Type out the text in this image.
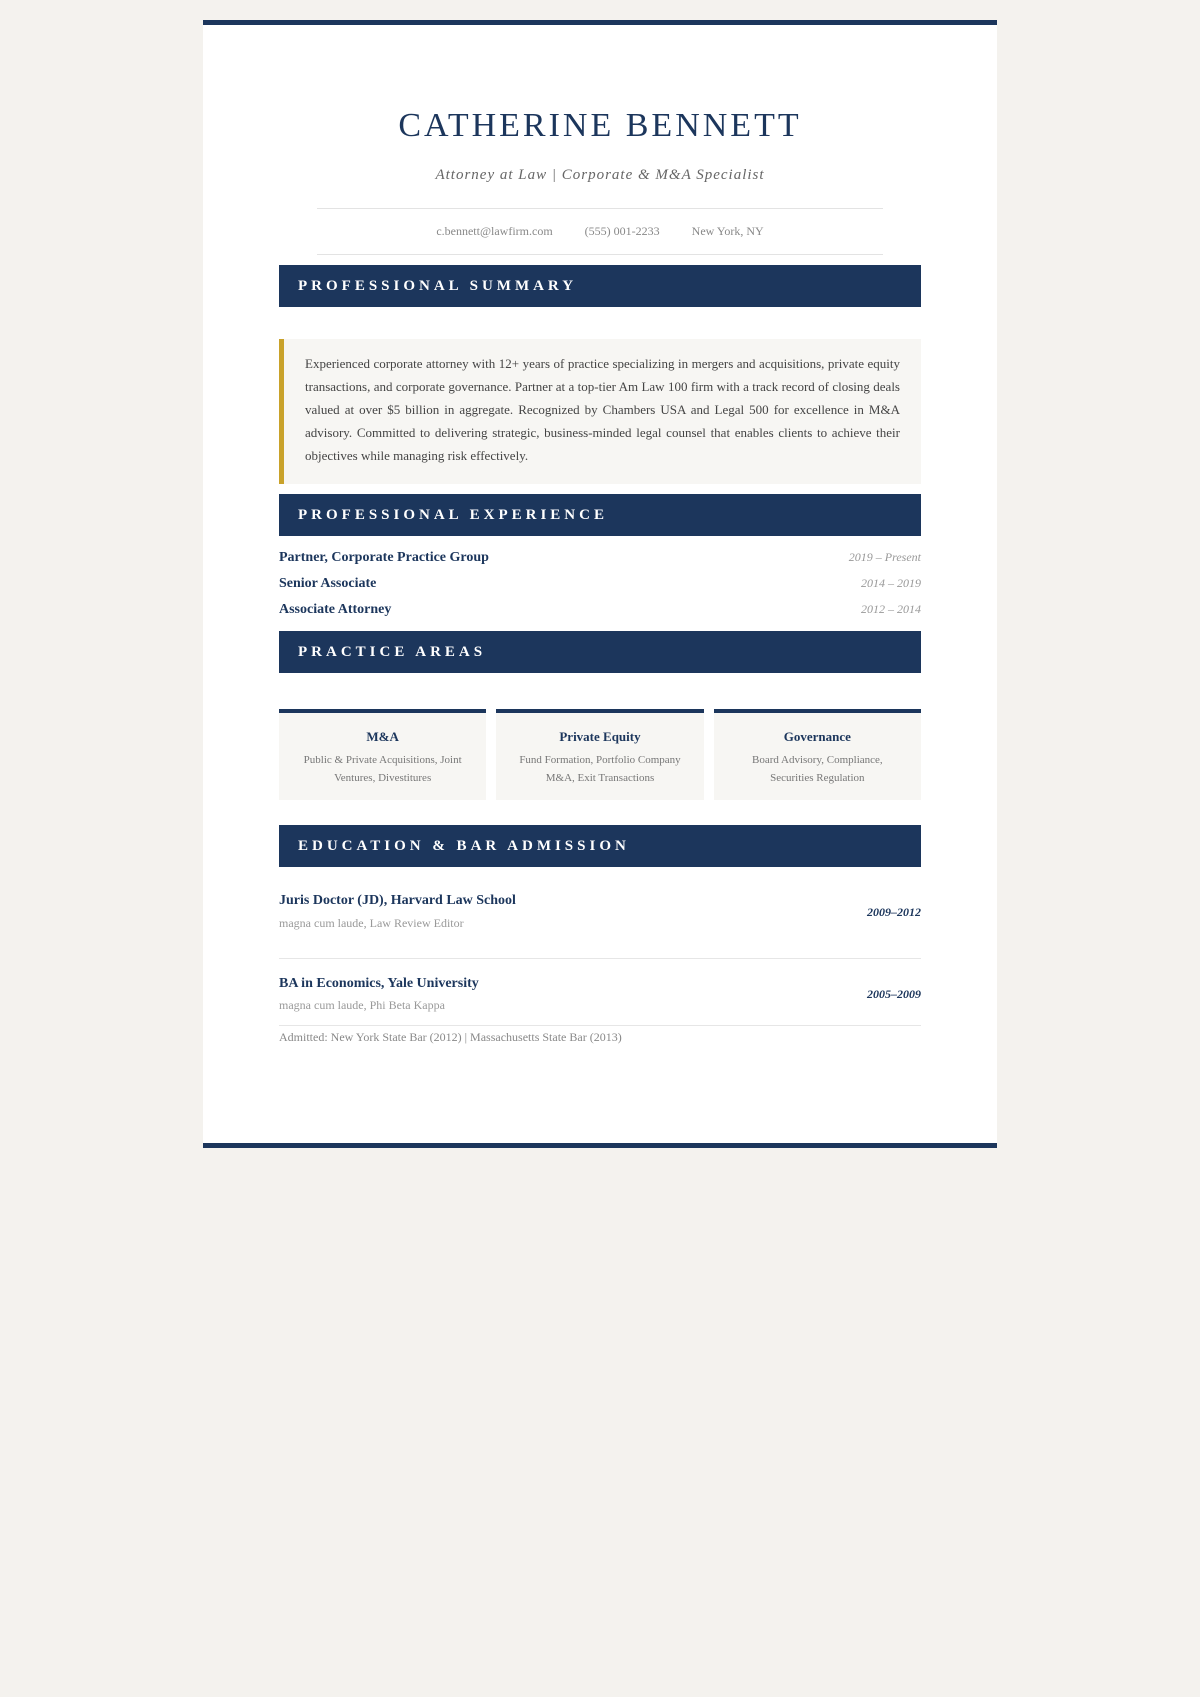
CATHERINE BENNETT
Attorney at Law | Corporate & M&A Specialist
c.bennett@lawfirm.com	(555) 001-2233	New York, NY
PROFESSIONAL SUMMARY
Experienced corporate attorney with 12+ years of practice specializing in mergers and acquisitions, private equity transactions, and corporate governance. Partner at a top-tier Am Law 100 firm with a track record of closing deals valued at over $5 billion in aggregate. Recognized by Chambers USA and Legal 500 for excellence in M&A advisory. Committed to delivering strategic, business-minded legal counsel that enables clients to achieve their objectives while managing risk effectively.
PROFESSIONAL EXPERIENCE
Partner, Corporate Practice Group	2019 – Present
Senior Associate	2014 – 2019
Associate Attorney	2012 – 2014
PRACTICE AREAS
M&A
Public & Private Acquisitions, Joint Ventures, Divestitures
Private Equity
Fund Formation, Portfolio Company M&A, Exit Transactions
Governance
Board Advisory, Compliance, Securities Regulation
EDUCATION & BAR ADMISSION
Juris Doctor (JD), Harvard Law School
magna cum laude, Law Review Editor
2009–2012
BA in Economics, Yale University
magna cum laude, Phi Beta Kappa
2005–2009
Admitted: New York State Bar (2012) | Massachusetts State Bar (2013)
